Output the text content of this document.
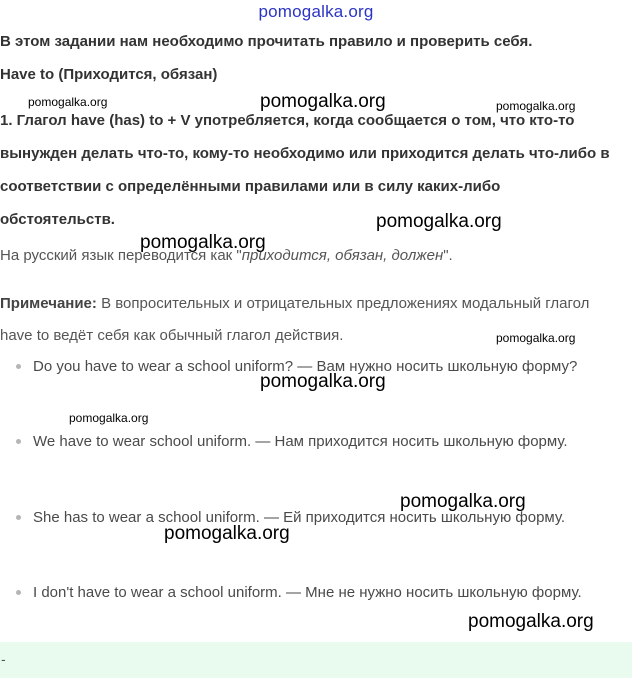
pomogalka.org
В этом задании нам необходимо прочитать правило и проверить себя.
Have to (Приходится, обязан)
1. Глагол have (has) to + V употребляется, когда сообщается о том, что кто-то вынужден делать что-то, кому-то необходимо или приходится делать что-либо в соответствии с определёнными правилами или в силу каких-либо обстоятельств.
На русский язык переводится как "приходится, обязан, должен".
Примечание: В вопросительных и отрицательных предложениях модальный глагол have to ведёт себя как обычный глагол действия.
Do you have to wear a school uniform? — Вам нужно носить школьную форму?
We have to wear school uniform. — Нам приходится носить школьную форму.
She has to wear a school uniform. — Ей приходится носить школьную форму.
I don't have to wear a school uniform. — Мне не нужно носить школьную форму.
-
pomogalka.org	pomogalka.org	pomogalka.org
pomogalka.org
pomogalka.org
pomogalka.org
pomogalka.org
pomogalka.org
pomogalka.org
pomogalka.org
pomogalka.org
